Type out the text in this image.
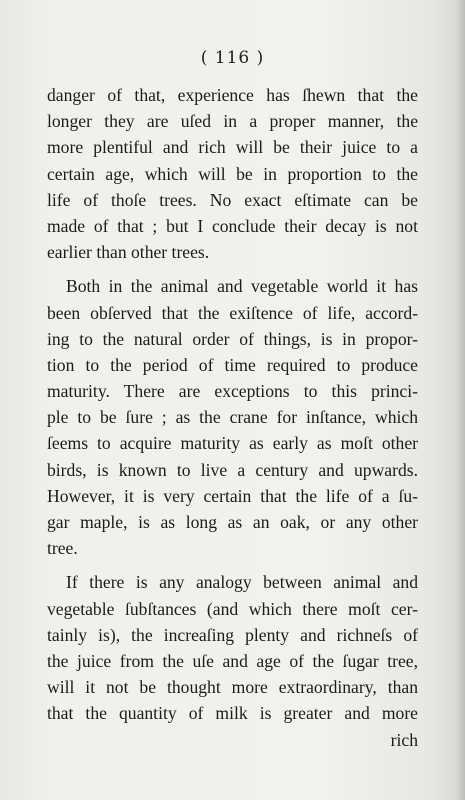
( 116 )
danger of that, experience has ſhewn that the
longer they are uſed in a proper manner, the
more plentiful and rich will be their juice to a
certain age, which will be in proportion to the
life of thoſe trees. No exact eſtimate can be
made of that ; but I conclude their decay is not
earlier than other trees.
Both in the animal and vegetable world it has
been obſerved that the exiſtence of life, accord-
ing to the natural order of things, is in propor-
tion to the period of time required to produce
maturity. There are exceptions to this princi-
ple to be ſure ; as the crane for inſtance, which
ſeems to acquire maturity as early as moſt other
birds, is known to live a century and upwards.
However, it is very certain that the life of a ſu-
gar maple, is as long as an oak, or any other
tree.
If there is any analogy between animal and
vegetable ſubſtances (and which there moſt cer-
tainly is), the increaſing plenty and richneſs of
the juice from the uſe and age of the ſugar tree,
will it not be thought more extraordinary, than
that the quantity of milk is greater and more
rich
